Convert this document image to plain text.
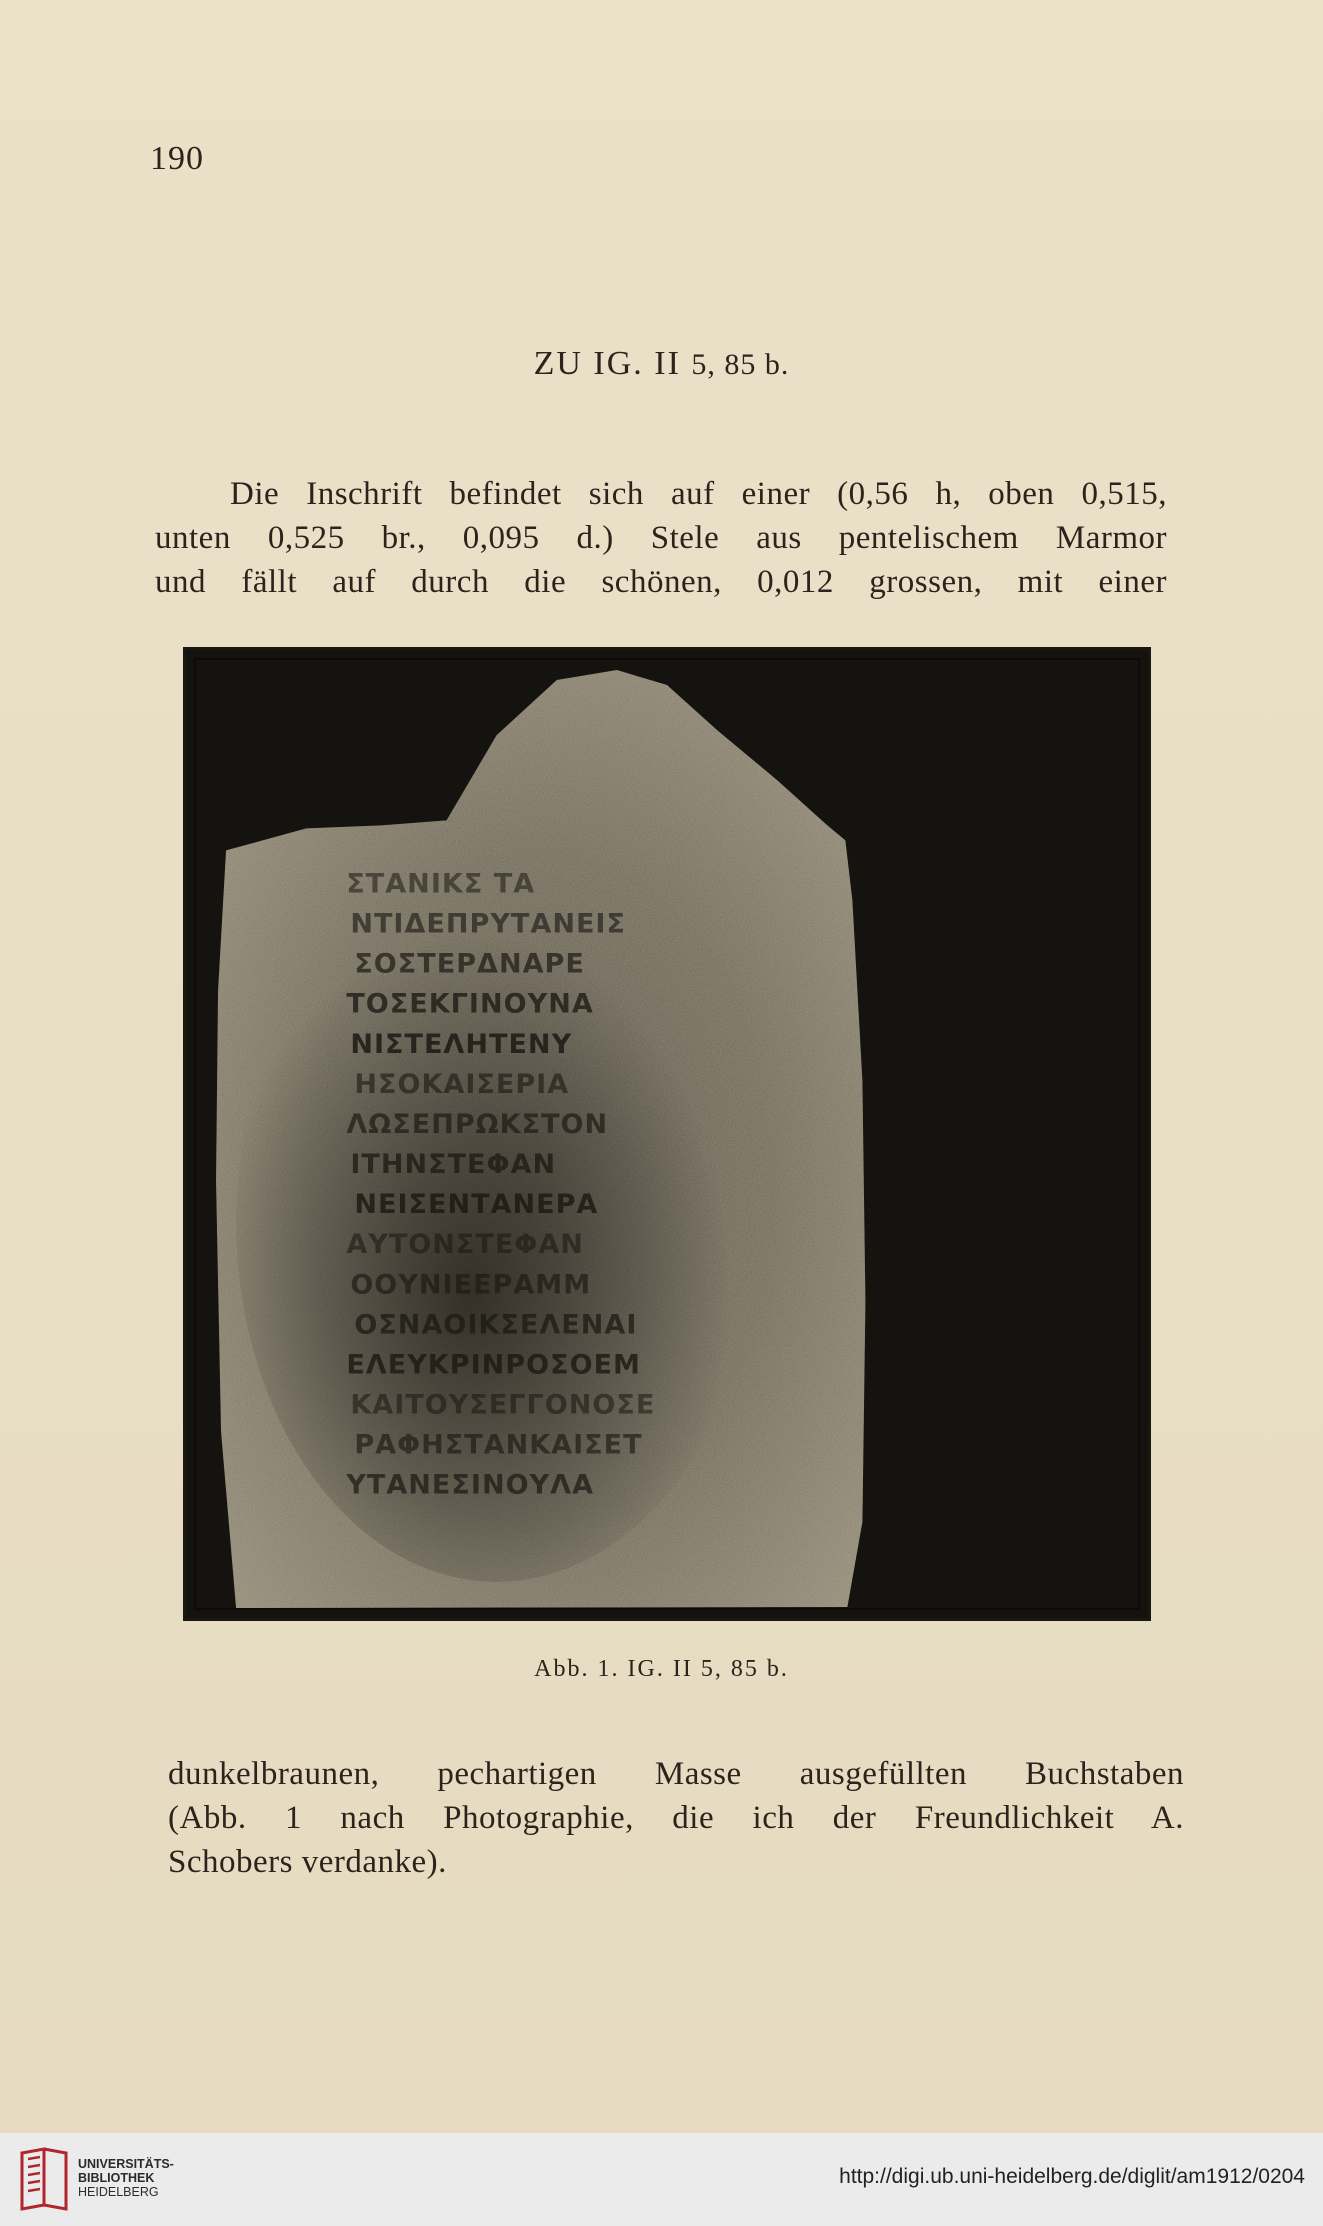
190
ZU IG. II 5, 85 b.
Die Inschrift befindet sich auf einer (0,56 h, oben 0,515,
unten 0,525 br., 0,095 d.) Stele aus pentelischem Marmor
und fällt auf durch die schönen, 0,012 grossen, mit einer
ΣΤΑΝΙΚΣ ΤΑ
ΝΤΙΔΕΠΡΥΤΑΝΕΙΣ
ΣΟΣΤΕΡΔΝΑΡΕ
ΤΟΣΕΚΓΙΝΟΥΝΑ
ΝΙΣΤΕΛΗΤΕΝΥ
ΗΣΟΚΑΙΣΕΡΙΑ
ΛΩΣΕΠΡΩΚΣΤΟΝ
ΙΤΗΝΣΤΕΦΑΝ
ΝΕΙΣΕΝΤΑΝΕΡΑ
ΑΥΤΟΝΣΤΕΦΑΝ
ΟΟΥΝΙΕΕΡΑΜΜ
ΟΣΝΑΟΙΚΣΕΛΕΝΑΙ
ΕΛΕΥΚΡΙΝΡΟΣΟΕΜ
ΚΑΙΤΟΥΣΕΓΓΟΝΟΣΕ
ΡΑΦΗΣΤΑΝΚΑΙΣΕΤ
ΥΤΑΝΕΣΙΝΟΥΛΑ
Abb. 1. IG. II 5, 85 b.
dunkelbraunen, pechartigen Masse ausgefüllten Buchstaben
(Abb. 1 nach Photographie, die ich der Freundlichkeit A.
Schobers verdanke).
UNIVERSITÄTS-
BIBLIOTHEK
HEIDELBERG
http://digi.ub.uni-heidelberg.de/diglit/am1912/0204
